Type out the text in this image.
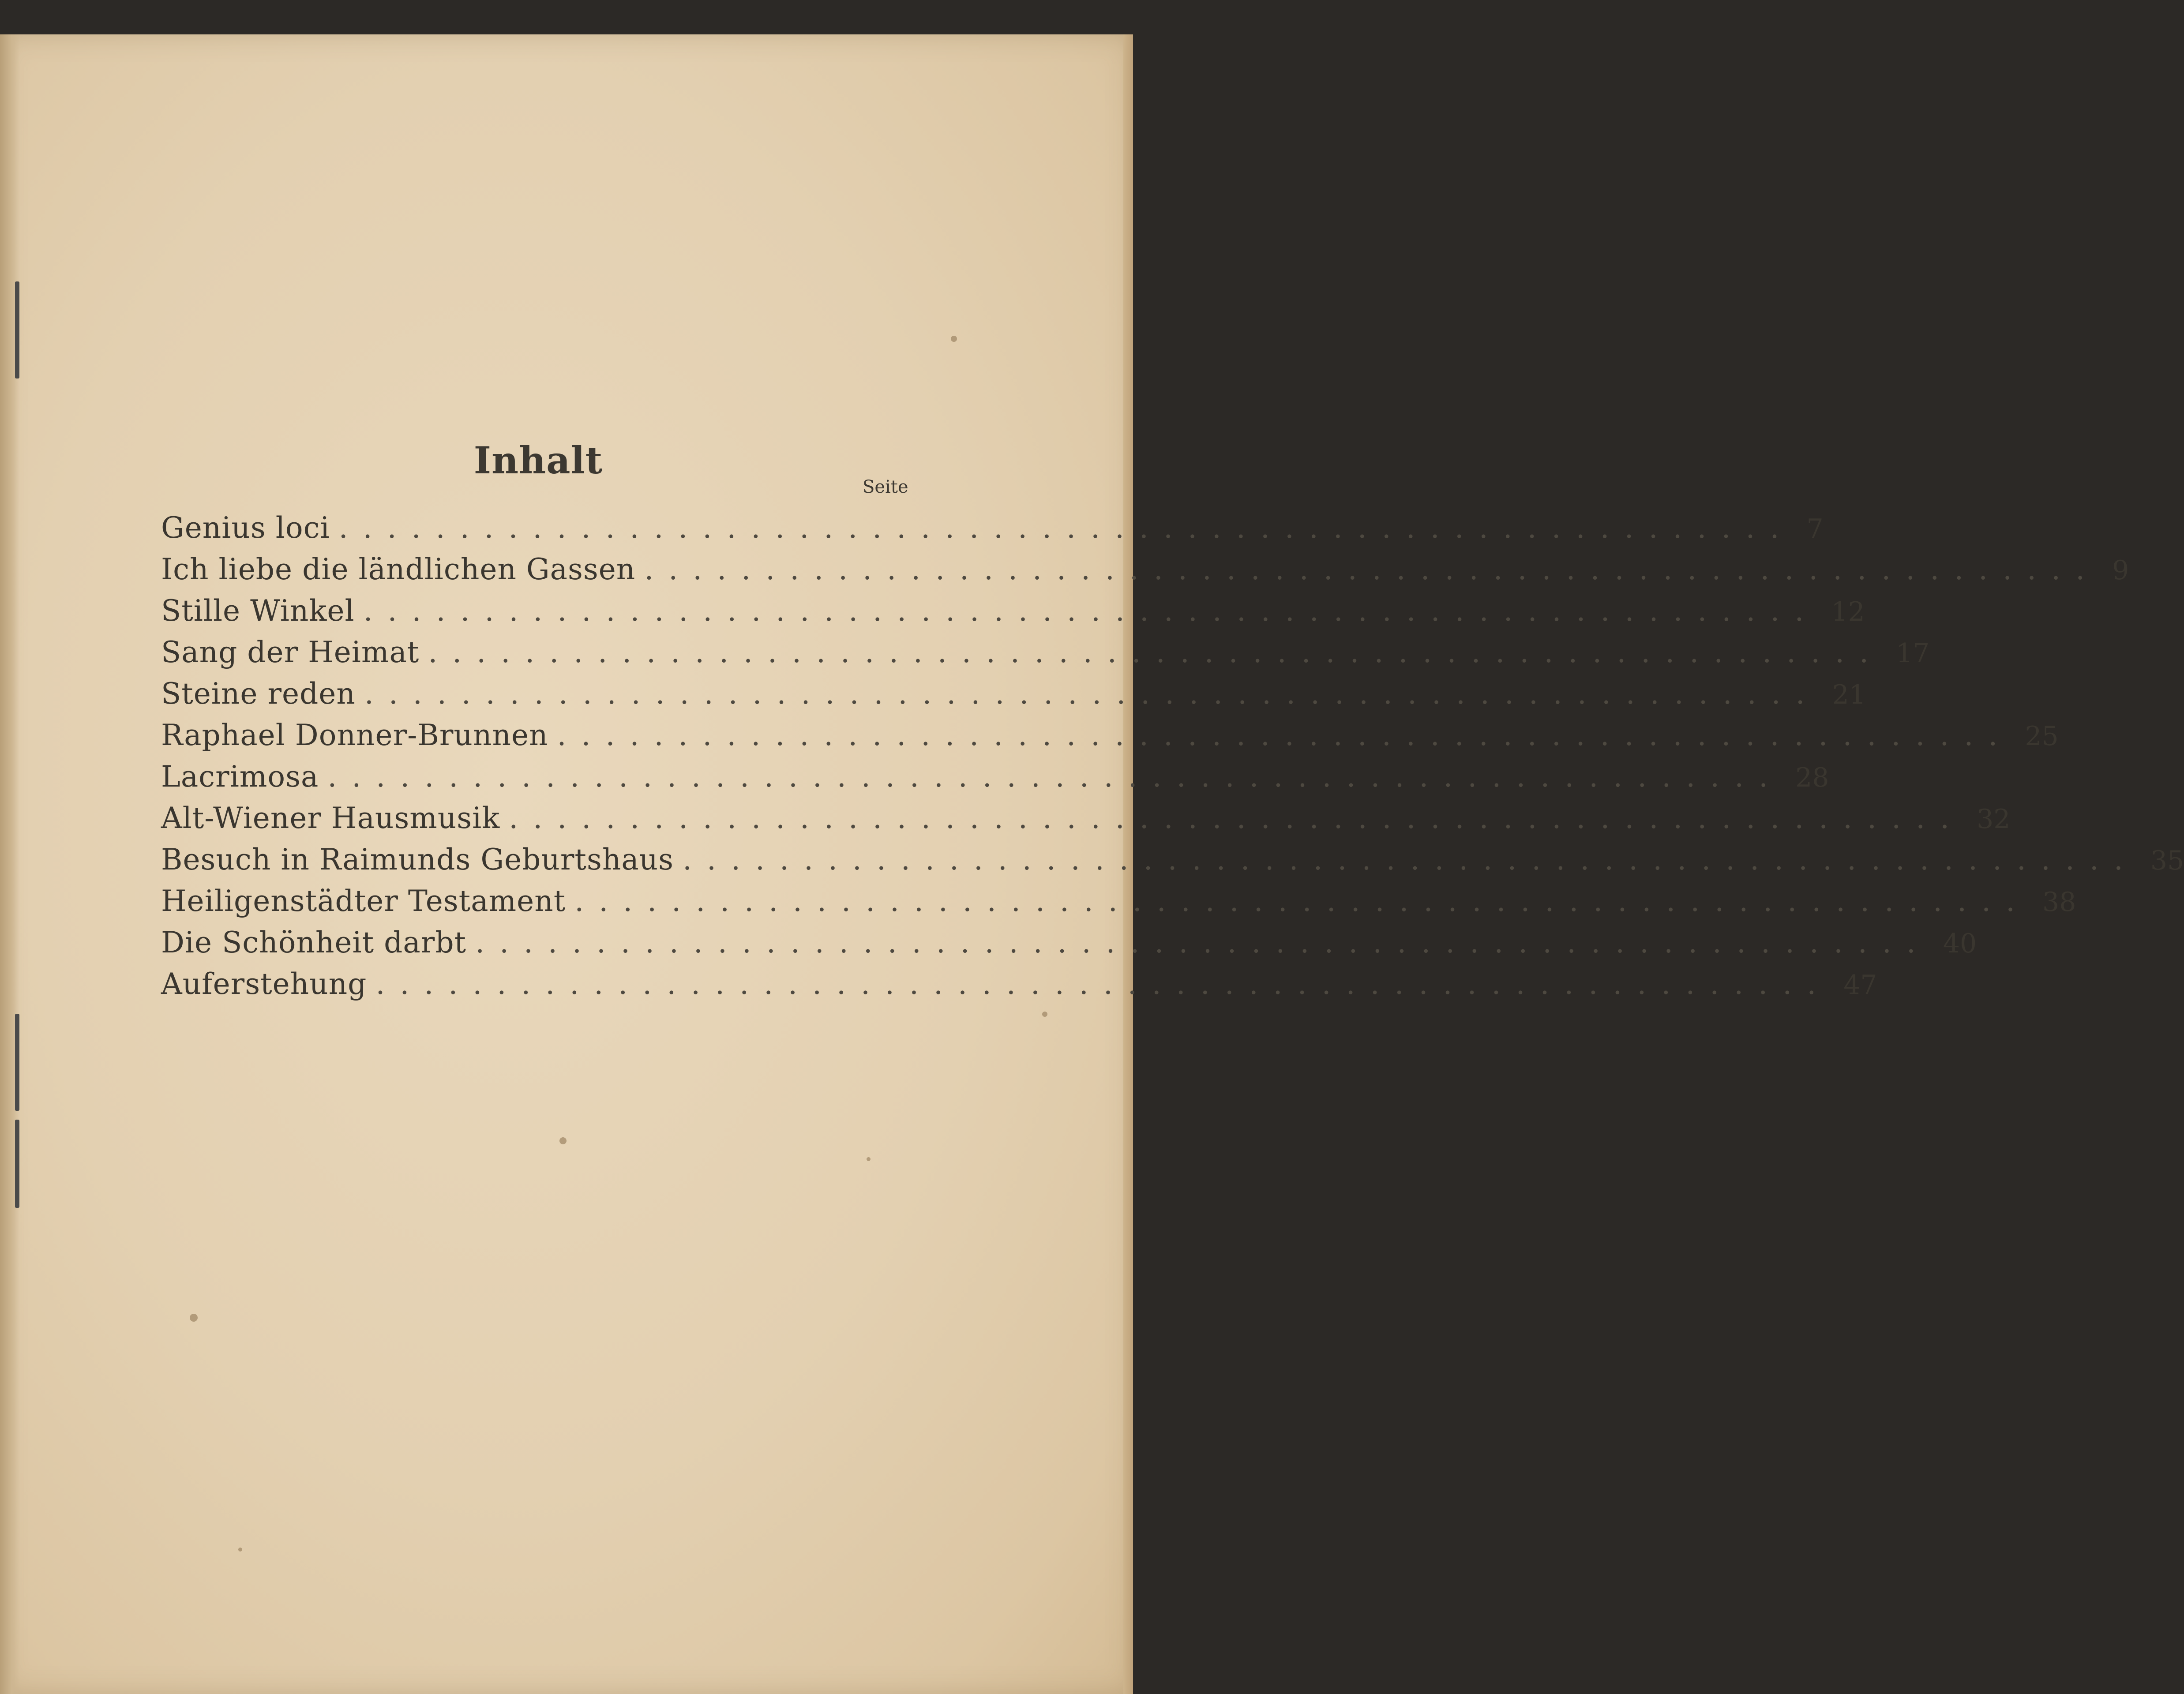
Inhalt
Seite
Genius loci ............................................................ 7
Ich liebe die ländlichen Gassen ............................................................ 9
Stille Winkel ............................................................ 12
Sang der Heimat ............................................................ 17
Steine reden ............................................................ 21
Raphael Donner-Brunnen ............................................................ 25
Lacrimosa ............................................................ 28
Alt-Wiener Hausmusik ............................................................ 32
Besuch in Raimunds Geburtshaus ............................................................ 35
Heiligenstädter Testament ............................................................ 38
Die Schönheit darbt ............................................................ 40
Auferstehung ............................................................ 47
